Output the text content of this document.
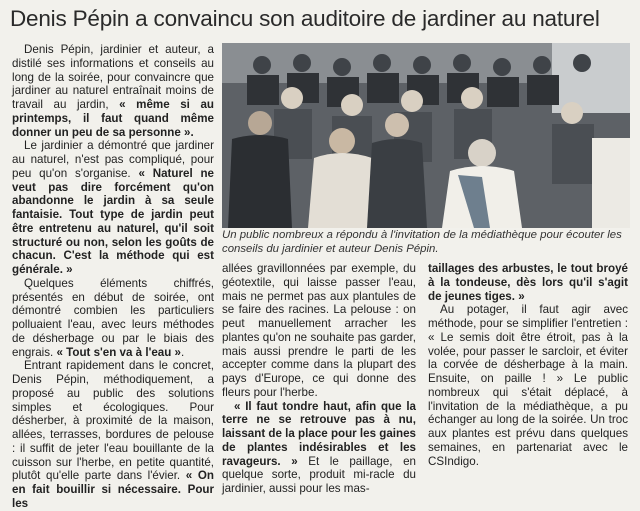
Denis Pépin a convaincu son auditoire de jardiner au naturel

Denis Pépin, jardinier et auteur, a distilé ses informations et conseils au long de la soirée, pour convaincre que jardiner au naturel entraînait moins de travail au jardin, « même si au printemps, il faut quand même donner un peu de sa personne ».

Le jardinier a démontré que jardiner au naturel, n'est pas compliqué, pour peu qu'on s'organise. « Naturel ne veut pas dire forcément qu'on abandonne le jardin à sa seule fantaisie. Tout type de jardin peut être entretenu au naturel, qu'il soit structuré ou non, selon les goûts de chacun. C'est la méthode qui est générale. »

Quelques éléments chiffrés, présentés en début de soirée, ont démontré combien les particuliers polluaient l'eau, avec leurs méthodes de désherbage ou par le biais des engrais. « Tout s'en va à l'eau ».

Entrant rapidement dans le concret, Denis Pépin, méthodiquement, a proposé au public des solutions simples et écologiques. Pour désherber, à proximité de la maison, allées, terrasses, bordures de pelouse : il suffit de jeter l'eau bouillante de la cuisson sur l'herbe, en petite quantité, plutôt qu'elle parte dans l'évier. « On en fait bouillir si nécessaire. Pour les

Un public nombreux a répondu à l'invitation de la médiathèque pour écouter les conseils du jardinier et auteur Denis Pépin.

allées gravillonnées par exemple, du géotextile, qui laisse passer l'eau, mais ne permet pas aux plantules de se faire des racines. La pelouse : on peut manuellement arracher les plantes qu'on ne souhaite pas garder, mais aussi prendre le parti de les accepter comme dans la plupart des pays d'Europe, ce qui donne des fleurs pour l'herbe.

« Il faut tondre haut, afin que la terre ne se retrouve pas à nu, laissant de la place pour les gaines de plantes indésirables et les ravageurs. » Et le paillage, en quelque sorte, produit mi-racle du jardinier, aussi pour les mas-

taillages des arbustes, le tout broyé à la tondeuse, dès lors qu'il s'agit de jeunes tiges. »

Au potager, il faut agir avec méthode, pour se simplifier l'entretien : « Le semis doit être étroit, pas à la volée, pour passer le sarcloir, et éviter la corvée de désherbage à la main. Ensuite, on paille ! » Le public nombreux qui s'était déplacé, à l'invitation de la médiathèque, a pu échanger au long de la soirée. Un troc aux plantes est prévu dans quelques semaines, en partenariat avec le CSIndigo.
